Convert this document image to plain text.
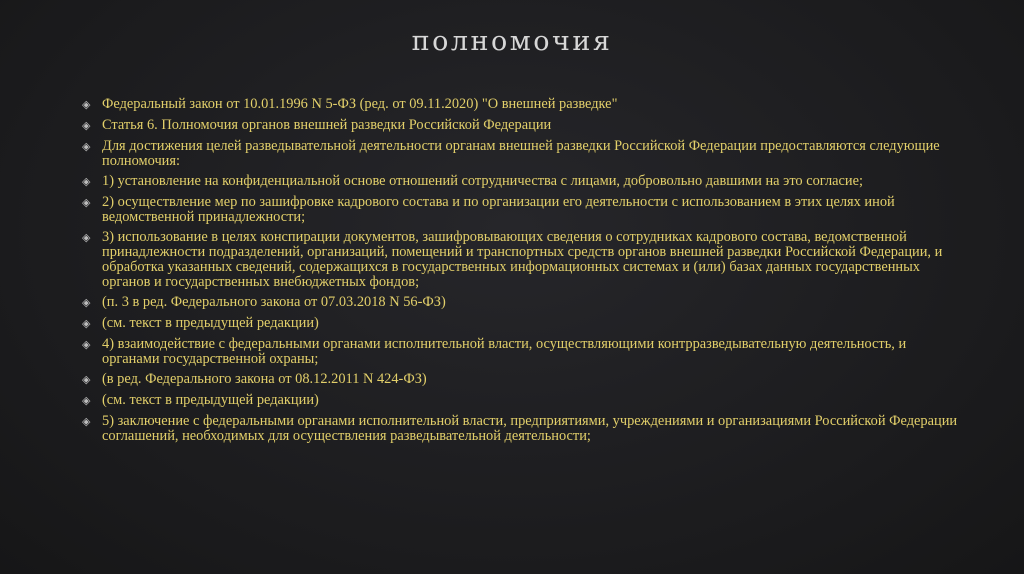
полномочия
◈ Федеральный закон от 10.01.1996 N 5-ФЗ (ред. от 09.11.2020) "О внешней разведке"
◈ Статья 6. Полномочия органов внешней разведки Российской Федерации
◈ Для достижения целей разведывательной деятельности органам внешней разведки Российской Федерации предоставляются следующие полномочия:
◈ 1) установление на конфиденциальной основе отношений сотрудничества с лицами, добровольно давшими на это согласие;
◈ 2) осуществление мер по зашифровке кадрового состава и по организации его деятельности с использованием в этих целях иной ведомственной принадлежности;
◈ 3) использование в целях конспирации документов, зашифровывающих сведения о сотрудниках кадрового состава, ведомственной принадлежности подразделений, организаций, помещений и транспортных средств органов внешней разведки Российской Федерации, и обработка указанных сведений, содержащихся в государственных информационных системах и (или) базах данных государственных органов и государственных внебюджетных фондов;
◈ (п. 3 в ред. Федерального закона от 07.03.2018 N 56-ФЗ)
◈ (см. текст в предыдущей редакции)
◈ 4) взаимодействие с федеральными органами исполнительной власти, осуществляющими контрразведывательную деятельность, и органами государственной охраны;
◈ (в ред. Федерального закона от 08.12.2011 N 424-ФЗ)
◈ (см. текст в предыдущей редакции)
◈ 5) заключение с федеральными органами исполнительной власти, предприятиями, учреждениями и организациями Российской Федерации соглашений, необходимых для осуществления разведывательной деятельности;
